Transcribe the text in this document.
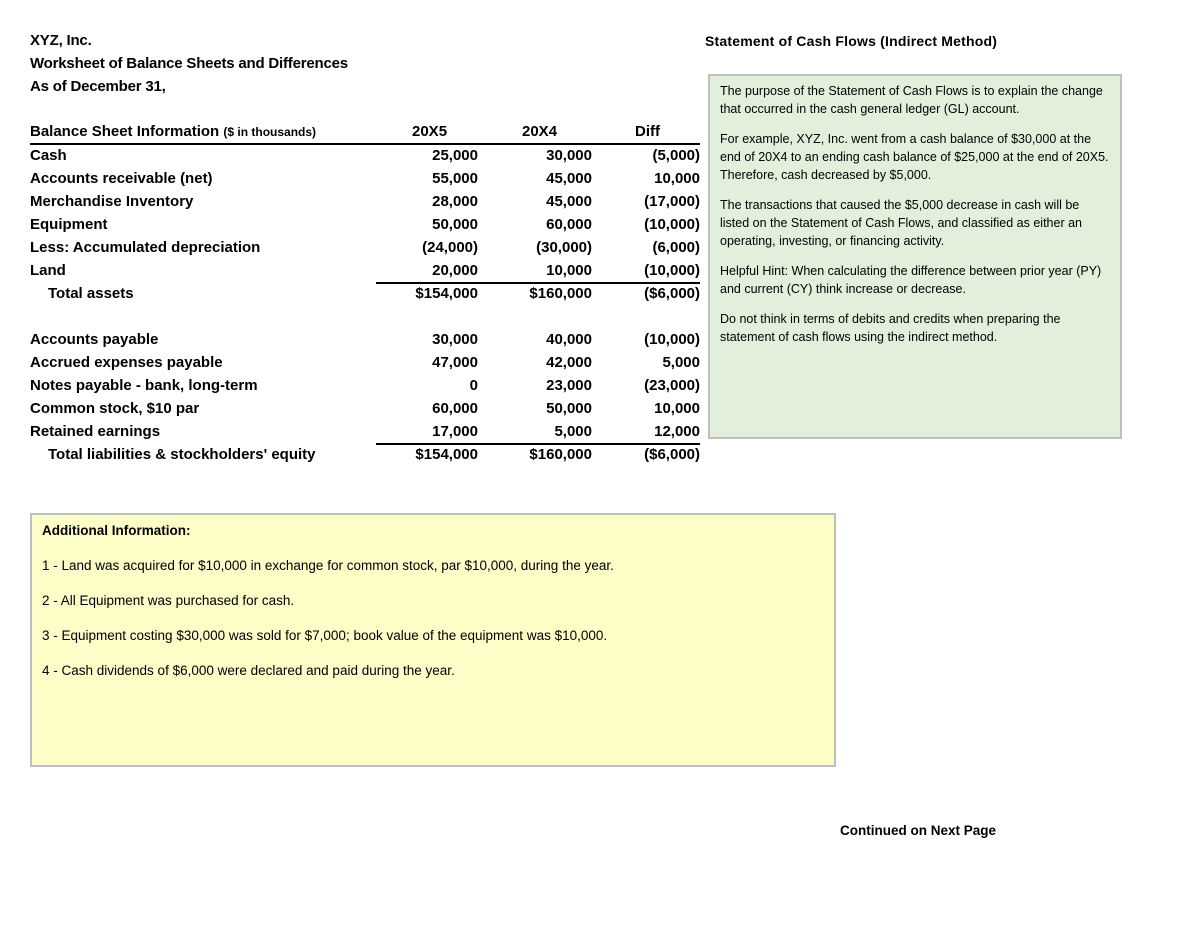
XYZ, Inc.
Worksheet of Balance Sheets and Differences
As of December 31,
Statement of Cash Flows (Indirect Method)
Balance Sheet Information ($ in thousands)	20X5	20X4	Diff
Cash	25,000	30,000	(5,000)
Accounts receivable (net)	55,000	45,000	10,000
Merchandise Inventory	28,000	45,000	(17,000)
Equipment	50,000	60,000	(10,000)
Less: Accumulated depreciation	(24,000)	(30,000)	(6,000)
Land	20,000	10,000	(10,000)
Total assets	$154,000	$160,000	($6,000)
Accounts payable	30,000	40,000	(10,000)
Accrued expenses payable	47,000	42,000	5,000
Notes payable - bank, long-term	0	23,000	(23,000)
Common stock, $10 par	60,000	50,000	10,000
Retained earnings	17,000	5,000	12,000
Total liabilities & stockholders' equity	$154,000	$160,000	($6,000)

The purpose of the Statement of Cash Flows is to explain the change that occurred in the cash general ledger (GL) account.

For example, XYZ, Inc. went from a cash balance of $30,000 at the end of 20X4 to an ending cash balance of $25,000 at the end of 20X5. Therefore, cash decreased by $5,000.

The transactions that caused the $5,000 decrease in cash will be listed on the Statement of Cash Flows, and classified as either an operating, investing, or financing activity.

Helpful Hint: When calculating the difference between prior year (PY) and current (CY) think increase or decrease.

Do not think in terms of debits and credits when preparing the statement of cash flows using the indirect method.

Additional Information:
1 - Land was acquired for $10,000 in exchange for common stock, par $10,000, during the year.
2 - All Equipment was purchased for cash.
3 - Equipment costing $30,000 was sold for $7,000; book value of the equipment was $10,000.
4 - Cash dividends of $6,000 were declared and paid during the year.
Continued on Next Page
